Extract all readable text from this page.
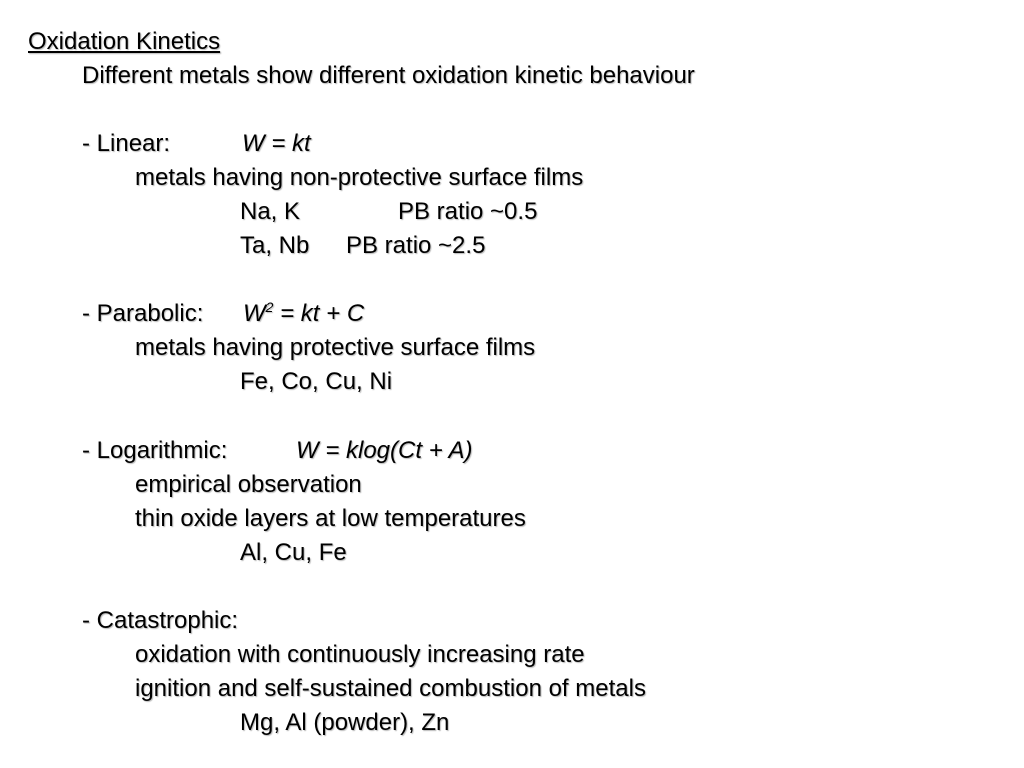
Oxidation Kinetics
Different metals show different oxidation kinetic behaviour
- Linear:	W = kt
metals having non-protective surface films
Na, K	PB ratio ~0.5
Ta, Nb PB ratio ~2.5
- Parabolic: $W^2$ = kt + C
metals having protective surface films
Fe, Co, Cu, Ni
- Logarithmic:	W = klog(Ct + A)
empirical observation
thin oxide layers at low temperatures
Al, Cu, Fe
- Catastrophic:
oxidation with continuously increasing rate
ignition and self-sustained combustion of metals
Mg, Al (powder), Zn
